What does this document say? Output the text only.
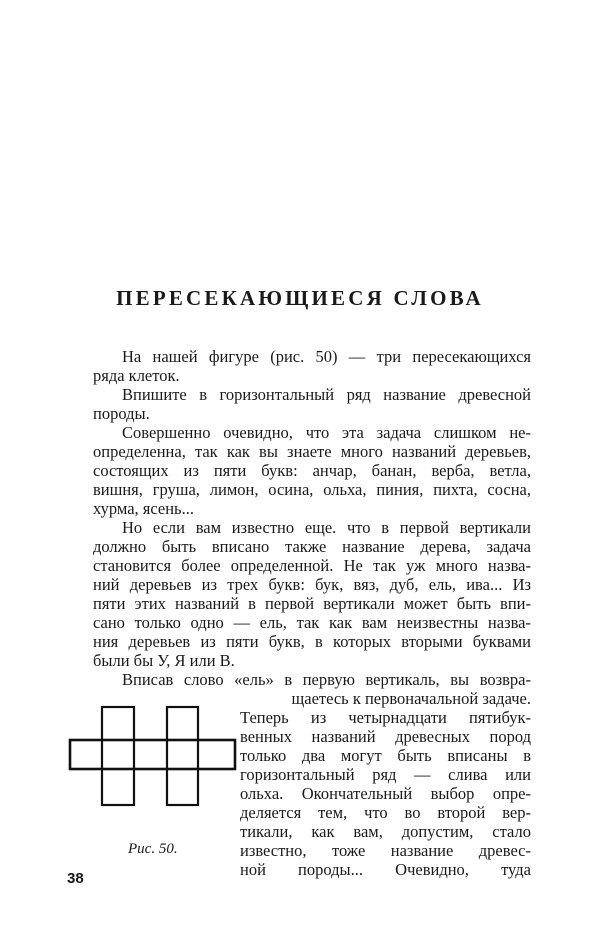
ПЕРЕСЕКАЮЩИЕСЯ СЛОВА
На нашей фигуре (рис. 50) — три пересекающихся
ряда клеток.
Впишите в горизонтальный ряд название древесной
породы.
Совершенно очевидно, что эта задача слишком не-
определенна, так как вы знаете много названий деревьев,
состоящих из пяти букв: анчар, банан, верба, ветла,
вишня, груша, лимон, осина, ольха, пиния, пихта, сосна,
хурма, ясень...
Но если вам известно еще. что в первой вертикали
должно быть вписано также название дерева, задача
становится более определенной. Не так уж много назва-
ний деревьев из трех букв: бук, вяз, дуб, ель, ива... Из
пяти этих названий в первой вертикали может быть впи-
сано только одно — ель, так как вам неизвестны назва-
ния деревьев из пяти букв, в которых вторыми буквами
были бы У, Я или В.
Вписав слово «ель» в первую вертикаль, вы возвра-
щаетесь к первоначальной задаче.
Теперь из четырнадцати пятибук-
венных названий древесных пород
только два могут быть вписаны в
горизонтальный ряд — слива или
ольха. Окончательный выбор опре-
деляется тем, что во второй вер-
тикали, как вам, допустим, стало
известно, тоже название древес-
ной породы... Очевидно, туда
Рис. 50.
38
